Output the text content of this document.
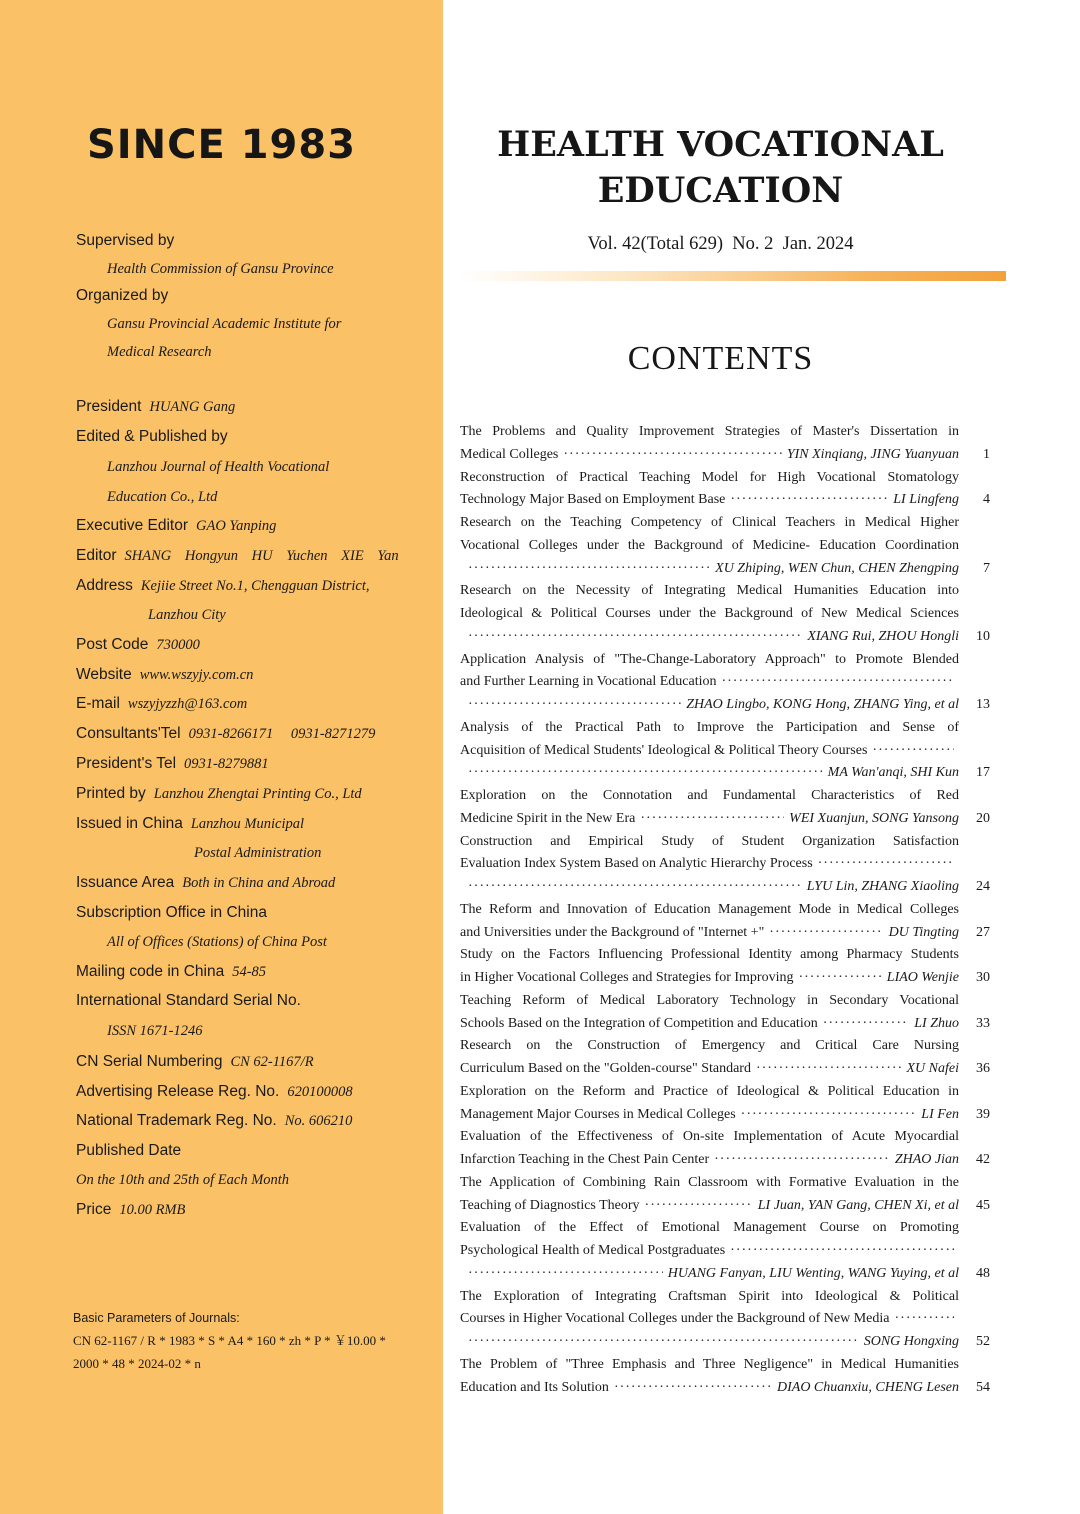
SINCE 1983
Supervised by
Health Commission of Gansu Province
Organized by
Gansu Provincial Academic Institute for
Medical Research
President HUANG Gang
Edited & Published by
Lanzhou Journal of Health Vocational
Education Co., Ltd
Executive Editor GAO Yanping
Editor SHANG Hongyun HU Yuchen XIE Yan
Address Kejiie Street No.1, Chengguan District,
Lanzhou City
Post Code 730000
Website www.wszyjy.com.cn
E-mail wszyjyzzh@163.com
Consultants'Tel 0931-8266171 0931-8271279
President's Tel 0931-8279881
Printed by Lanzhou Zhengtai Printing Co., Ltd
Issued in China Lanzhou Municipal
Postal Administration
Issuance Area Both in China and Abroad
Subscription Office in China
All of Offices (Stations) of China Post
Mailing code in China 54-85
International Standard Serial No.
ISSN 1671-1246
CN Serial Numbering CN 62-1167/R
Advertising Release Reg. No. 620100008
National Trademark Reg. No. No. 606210
Published Date
On the 10th and 25th of Each Month
Price 10.00 RMB
Basic Parameters of Journals:
CN 62-1167 / R * 1983 * S * A4 * 160 * zh * P * ￥10.00 *
2000 * 48 * 2024-02 * n
HEALTH VOCATIONAL
EDUCATION
Vol. 42(Total 629)  No. 2  Jan. 2024
CONTENTS
The Problems and Quality Improvement Strategies of Master's Dissertation in
Medical Colleges ·····	YIN Xinqiang, JING Yuanyuan	1
Reconstruction of Practical Teaching Model for High Vocational Stomatology
Technology Major Based on Employment Base ·····	LI Lingfeng	4
Research on the Teaching Competency of Clinical Teachers in Medical Higher
Vocational Colleges under the Background of Medicine- Education Coordination
·····
XU Zhiping, WEN Chun, CHEN Zhengping	7
Research on the Necessity of Integrating Medical Humanities Education into
Ideological & Political Courses under the Background of New Medical Sciences
·····
XIANG Rui, ZHOU Hongli	10
Application Analysis of "The-Change-Laboratory Approach" to Promote Blended
and Further Learning in Vocational Education
·····
·····
ZHAO Lingbo, KONG Hong, ZHANG Ying, et al	13
Analysis of the Practical Path to Improve the Participation and Sense of
Acquisition of Medical Students' Ideological & Political Theory Courses
·····
·····
MA Wan'anqi, SHI Kun	17
Exploration on the Connotation and Fundamental Characteristics of Red
Medicine Spirit in the New Era ·····	WEI Xuanjun, SONG Yansong	20
Construction and Empirical Study of Student Organization Satisfaction
Evaluation Index System Based on Analytic Hierarchy Process
·····
·····
LYU Lin, ZHANG Xiaoling	24
The Reform and Innovation of Education Management Mode in Medical Colleges
and Universities under the Background of "Internet +" ·····	DU Tingting	27
Study on the Factors Influencing Professional Identity among Pharmacy Students
in Higher Vocational Colleges and Strategies for Improving ·····	LIAO Wenjie	30
Teaching Reform of Medical Laboratory Technology in Secondary Vocational
Schools Based on the Integration of Competition and Education ·····	LI Zhuo	33
Research on the Construction of Emergency and Critical Care Nursing
Curriculum Based on the "Golden-course" Standard ·····	XU Nafei	36
Exploration on the Reform and Practice of Ideological & Political Education in
Management Major Courses in Medical Colleges ·····	LI Fen	39
Evaluation of the Effectiveness of On-site Implementation of Acute Myocardial
Infarction Teaching in the Chest Pain Center ·····	ZHAO Jian	42
The Application of Combining Rain Classroom with Formative Evaluation in the
Teaching of Diagnostics Theory ·····	LI Juan, YAN Gang, CHEN Xi, et al	45
Evaluation of the Effect of Emotional Management Course on Promoting
Psychological Health of Medical Postgraduates
·····
·····
HUANG Fanyan, LIU Wenting, WANG Yuying, et al	48
The Exploration of Integrating Craftsman Spirit into Ideological & Political
Courses in Higher Vocational Colleges under the Background of New Media
·····
·····
SONG Hongxing	52
The Problem of "Three Emphasis and Three Negligence" in Medical Humanities
Education and Its Solution ·····	DIAO Chuanxiu, CHENG Lesen	54
